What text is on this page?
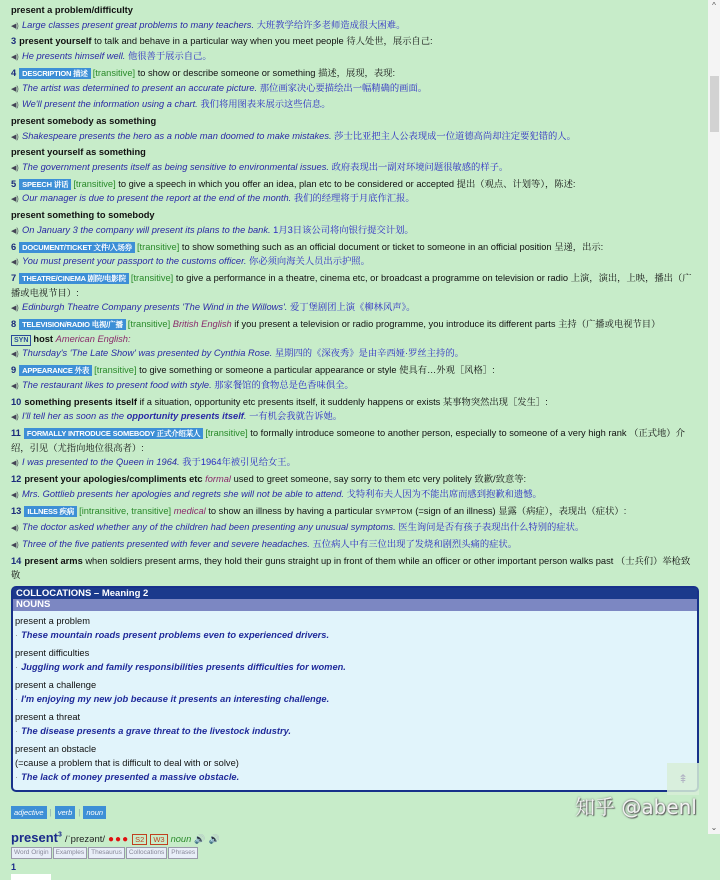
present a problem/difficulty
◀) Large classes present great problems to many teachers. 大班教学给许多老师造成很大困难。
3 present yourself to talk and behave in a particular way when you meet people 待人处世，展示自己:
◀) He presents himself well. 他很善于展示自己。
4 DESCRIPTION 描述 [transitive] to show or describe someone or something 描述，展现，表现:
◀) The artist was determined to present an accurate picture. 那位画家决心要描绘出一幅精确的画面。
◀) We'll present the information using a chart. 我们将用图表来展示这些信息。
present somebody as something
◀) Shakespeare presents the hero as a noble man doomed to make mistakes. 莎士比亚把主人公表现成一位道德高尚却注定要犯错的人。
present yourself as something
◀) The government presents itself as being sensitive to environmental issues. 政府表现出一副对环境问题很敏感的样子。
5 SPEECH 讲话 [transitive] to give a speech in which you offer an idea, plan etc to be considered or accepted 提出（观点、计划等），陈述:
◀) Our manager is due to present the report at the end of the month. 我们的经理将于月底作汇报。
present something to somebody
◀) On January 3 the company will present its plans to the bank. 1月3日该公司将向银行提交计划。
6 DOCUMENT/TICKET 文件/入场券 [transitive] to show something such as an official document or ticket to someone in an official position 呈递，出示:
◀) You must present your passport to the customs officer. 你必须向海关人员出示护照。
7 THEATRE/CINEMA 剧院/电影院 [transitive] to give a performance in a theatre, cinema etc, or broadcast a programme on television or radio 上演，演出，上映，播出（广播或电视节目）:
◀) Edinburgh Theatre Company presents 'The Wind in the Willows'. 爱丁堡剧团上演《柳林风声》。
8 TELEVISION/RADIO 电视/广播 [transitive] British English if you present a television or radio programme, you introduce its different parts 主持（广播或电视节目）
SYN host American English:
◀) Thursday's 'The Late Show' was presented by Cynthia Rose. 星期四的《深夜秀》是由辛西娅·罗丝主持的。
9 APPEARANCE 外表 [transitive] to give something or someone a particular appearance or style 使具有…外观［风格］:
◀) The restaurant likes to present food with style. 那家餐馆的食物总是色香味俱全。
10 something presents itself if a situation, opportunity etc presents itself, it suddenly happens or exists 某事物突然出现［发生］:
◀) I'll tell her as soon as the opportunity presents itself. 一有机会我就告诉她。
11 FORMALLY INTRODUCE SOMEBODY 正式介绍某人 [transitive] to formally introduce someone to another person, especially to someone of a very high rank （正式地）介绍，引见（尤指向地位很高者）:
◀) I was presented to the Queen in 1964. 我于1964年被引见给女王。
12 present your apologies/compliments etc formal used to greet someone, say sorry to them etc very politely 致歉/致意等:
◀) Mrs. Gottlieb presents her apologies and regrets she will not be able to attend. 戈特利布夫人因为不能出席而感到抱歉和遗憾。
13 ILLNESS 疾病 [intransitive, transitive] medical to show an illness by having a particular SYMPTOM (=sign of an illness) 显露（病症），表现出（症状）:
◀) The doctor asked whether any of the children had been presenting any unusual symptoms. 医生询问是否有孩子表现出什么特别的症状。
◀) Three of the five patients presented with fever and severe headaches. 五位病人中有三位出现了发烧和剧烈头痛的症状。
14 present arms when soldiers present arms, they hold their guns straight up in front of them while an officer or other important person walks past （士兵们）举枪致敬
COLLOCATIONS – Meaning 2
NOUNS
present a problem
· These mountain roads present problems even to experienced drivers.
present difficulties
· Juggling work and family responsibilities presents difficulties for women.
present a challenge
· I'm enjoying my new job because it presents an interesting challenge.
present a threat
· The disease presents a grave threat to the livestock industry.
present an obstacle
(=cause a problem that is difficult to deal with or solve)
· The lack of money presented a massive obstacle.
adjective | verb | noun
present$^3$ /ˈprezənt/ ●●● S2	W3 noun 🔊 🔊
Word Origin	Examples	Thesaurus	Collocations	Phrases
1
⇞
知乎 @abenl
^
⌄
